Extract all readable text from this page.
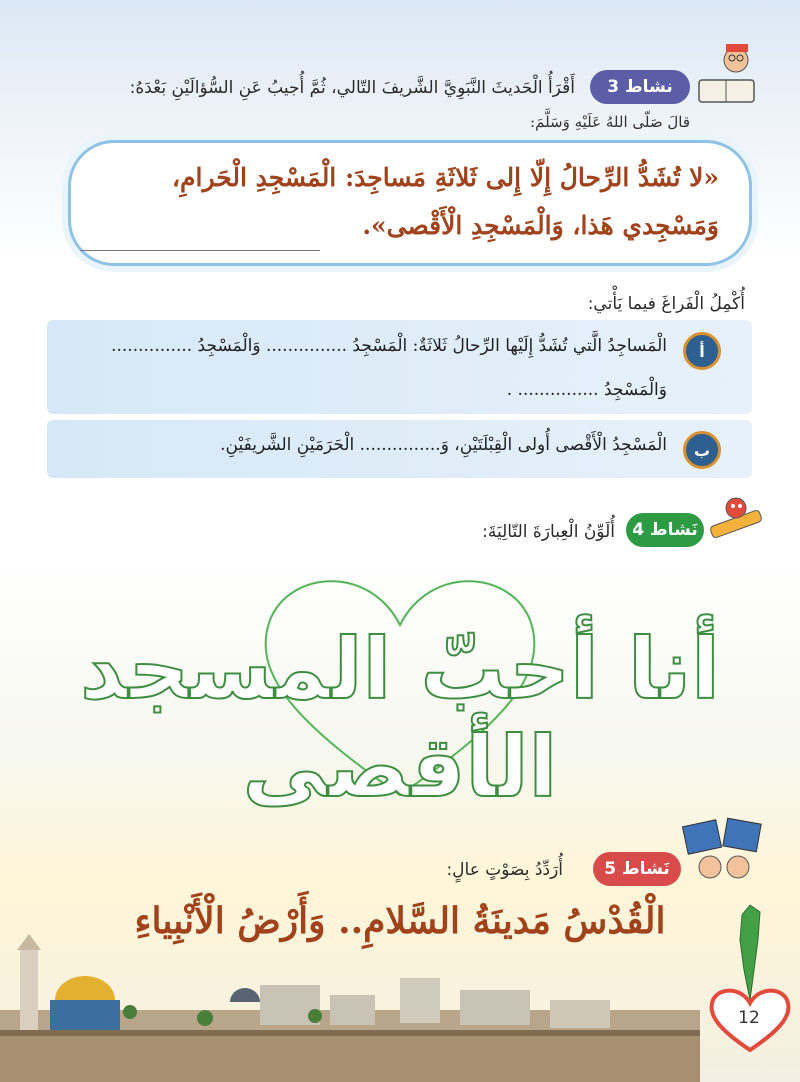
نشاط 3
أَقْرَأُ الْحَديثَ النَّبَوِيَّ الشَّريفَ التّالي، ثُمَّ أُجيبُ عَنِ السُّؤالَيْنِ بَعْدَهُ:
قالَ صَلّى اللهُ عَلَيْهِ وَسَلَّمَ:
«لا تُشَدُّ الرِّحالُ إِلّا إِلى ثَلاثَةِ مَساجِدَ: الْمَسْجِدِ الْحَرامِ،
وَمَسْجِدي هَذا، وَالْمَسْجِدِ الْأَقْصى».
أُكْمِلُ الْفَراغَ فيما يَأْتي:
أ
الْمَساجِدُ الَّتي تُشَدُّ إِلَيْها الرِّحالُ ثَلاثَةٌ: الْمَسْجِدُ ............... وَالْمَسْجِدُ ...............
وَالْمَسْجِدُ ............... .
ب
الْمَسْجِدُ الْأَقْصى أُولى الْقِبْلَتَيْنِ، وَ............... الْحَرَمَيْنِ الشَّريفَيْنِ.
نَشاط 4
أُلَوِّنُ الْعِبارَةَ التّالِيَةَ:
أنا أحبّ المسجد الأقصى
نَشاط 5
أُرَدِّدُ بِصَوْتٍ عالٍ:
الْقُدْسُ مَدينَةُ السَّلامِ.. وَأَرْضُ الْأَنْبِياءِ
12
